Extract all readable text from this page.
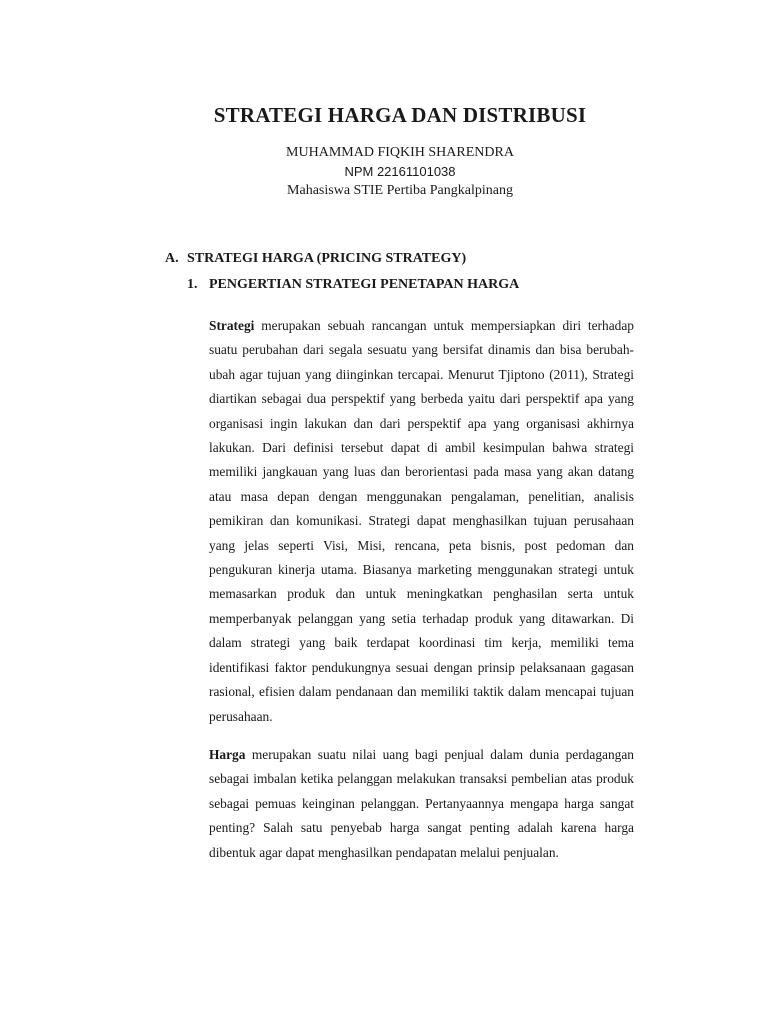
STRATEGI HARGA DAN DISTRIBUSI
MUHAMMAD FIQKIH SHARENDRA
NPM 22161101038
Mahasiswa STIE Pertiba Pangkalpinang
A. STRATEGI HARGA (PRICING STRATEGY)
1. PENGERTIAN STRATEGI PENETAPAN HARGA
Strategi merupakan sebuah rancangan untuk mempersiapkan diri terhadap suatu perubahan dari segala sesuatu yang bersifat dinamis dan bisa berubah-ubah agar tujuan yang diinginkan tercapai. Menurut Tjiptono (2011), Strategi diartikan sebagai dua perspektif yang berbeda yaitu dari perspektif apa yang organisasi ingin lakukan dan dari perspektif apa yang organisasi akhirnya lakukan. Dari definisi tersebut dapat di ambil kesimpulan bahwa strategi memiliki jangkauan yang luas dan berorientasi pada masa yang akan datang atau masa depan dengan menggunakan pengalaman, penelitian, analisis pemikiran dan komunikasi. Strategi dapat menghasilkan tujuan perusahaan yang jelas seperti Visi, Misi, rencana, peta bisnis, post pedoman dan pengukuran kinerja utama. Biasanya marketing menggunakan strategi untuk memasarkan produk dan untuk meningkatkan penghasilan serta untuk memperbanyak pelanggan yang setia terhadap produk yang ditawarkan. Di dalam strategi yang baik terdapat koordinasi tim kerja, memiliki tema identifikasi faktor pendukungnya sesuai dengan prinsip pelaksanaan gagasan rasional, efisien dalam pendanaan dan memiliki taktik dalam mencapai tujuan perusahaan.
Harga merupakan suatu nilai uang bagi penjual dalam dunia perdagangan sebagai imbalan ketika pelanggan melakukan transaksi pembelian atas produk sebagai pemuas keinginan pelanggan. Pertanyaannya mengapa harga sangat penting? Salah satu penyebab harga sangat penting adalah karena harga dibentuk agar dapat menghasilkan pendapatan melalui penjualan.
